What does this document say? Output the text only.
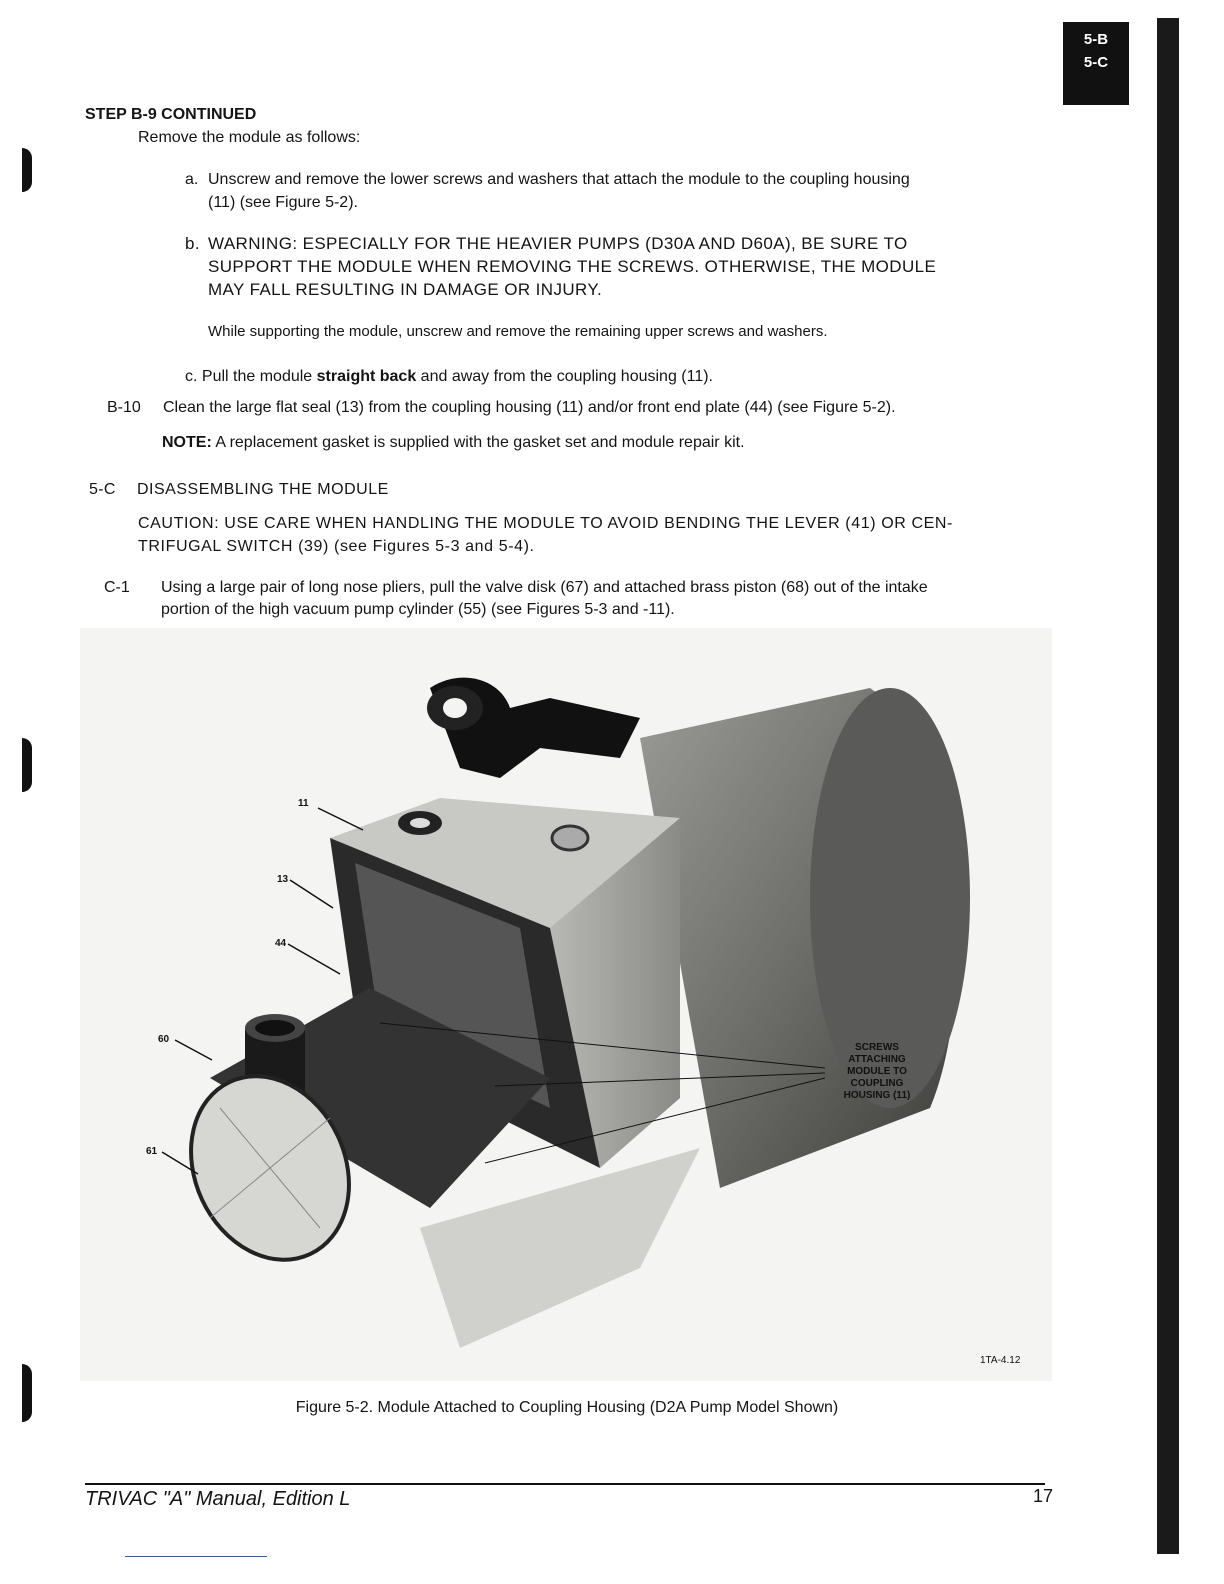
5-B
5-C
STEP B-9 CONTINUED
Remove the module as follows:
a. Unscrew and remove the lower screws and washers that attach the module to the coupling housing
(11) (see Figure 5-2).
b. WARNING: ESPECIALLY FOR THE HEAVIER PUMPS (D30A AND D60A), BE SURE TO
SUPPORT THE MODULE WHEN REMOVING THE SCREWS. OTHERWISE, THE MODULE
MAY FALL RESULTING IN DAMAGE OR INJURY.
While supporting the module, unscrew and remove the remaining upper screws and washers.
c. Pull the module straight back and away from the coupling housing (11).
B-10 Clean the large flat seal (13) from the coupling housing (11) and/or front end plate (44) (see Figure 5-2).
NOTE: A replacement gasket is supplied with the gasket set and module repair kit.
5-C DISASSEMBLING THE MODULE
CAUTION: USE CARE WHEN HANDLING THE MODULE TO AVOID BENDING THE LEVER (41) OR CEN-
TRIFUGAL SWITCH (39) (see Figures 5-3 and 5-4).
C-1 Using a large pair of long nose pliers, pull the valve disk (67) and attached brass piston (68) out of the intake
portion of the high vacuum pump cylinder (55) (see Figures 5-3 and -11).
11
13
44
60
61
SCREWS
ATTACHING
MODULE TO
COUPLING
HOUSING (11)
1TA-4.12
Figure 5-2. Module Attached to Coupling Housing (D2A Pump Model Shown)
TRIVAC "A" Manual, Edition L	17
